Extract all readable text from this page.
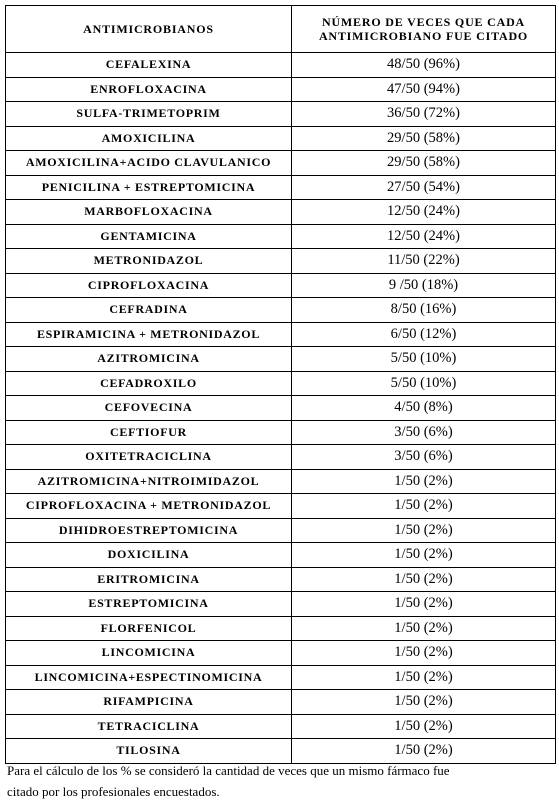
ANTIMICROBIANOS	NÚMERO DE VECES QUE CADA
ANTIMICROBIANO FUE CITADO

CEFALEXINA	48/50 (96%)
ENROFLOXACINA	47/50 (94%)
SULFA-TRIMETOPRIM	36/50 (72%)
AMOXICILINA	29/50 (58%)
AMOXICILINA+ACIDO CLAVULANICO	29/50 (58%)
PENICILINA + ESTREPTOMICINA	27/50 (54%)
MARBOFLOXACINA	12/50 (24%)
GENTAMICINA	12/50 (24%)
METRONIDAZOL	11/50 (22%)
CIPROFLOXACINA	9 /50 (18%)
CEFRADINA	8/50 (16%)
ESPIRAMICINA + METRONIDAZOL	6/50 (12%)
AZITROMICINA	5/50 (10%)
CEFADROXILO	5/50 (10%)
CEFOVECINA	4/50 (8%)
CEFTIOFUR	3/50 (6%)
OXITETRACICLINA	3/50 (6%)
AZITROMICINA+NITROIMIDAZOL	1/50 (2%)
CIPROFLOXACINA + METRONIDAZOL	1/50 (2%)
DIHIDROESTREPTOMICINA	1/50 (2%)
DOXICILINA	1/50 (2%)
ERITROMICINA	1/50 (2%)
ESTREPTOMICINA	1/50 (2%)
FLORFENICOL	1/50 (2%)
LINCOMICINA	1/50 (2%)
LINCOMICINA+ESPECTINOMICINA	1/50 (2%)
RIFAMPICINA	1/50 (2%)
TETRACICLINA	1/50 (2%)
TILOSINA	1/50 (2%)
Para el cálculo de los % se consideró la cantidad de veces que un mismo fármaco fue
citado por los profesionales encuestados.
